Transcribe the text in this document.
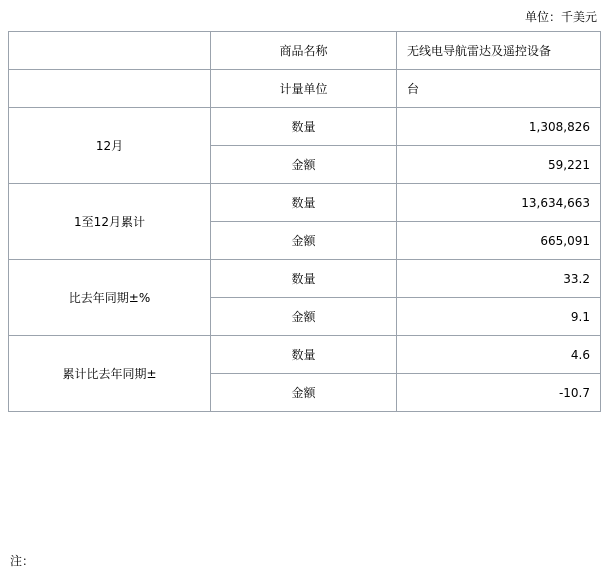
单位：千美元
	商品名称	无线电导航雷达及遥控设备
	计量单位	台
12月	数量	1,308,826
	金额	59,221
1至12月累计	数量	13,634,663
	金额	665,091
比去年同期±%	数量	33.2
	金额	9.1
累计比去年同期±	数量	4.6
	金额	-10.7
注：
